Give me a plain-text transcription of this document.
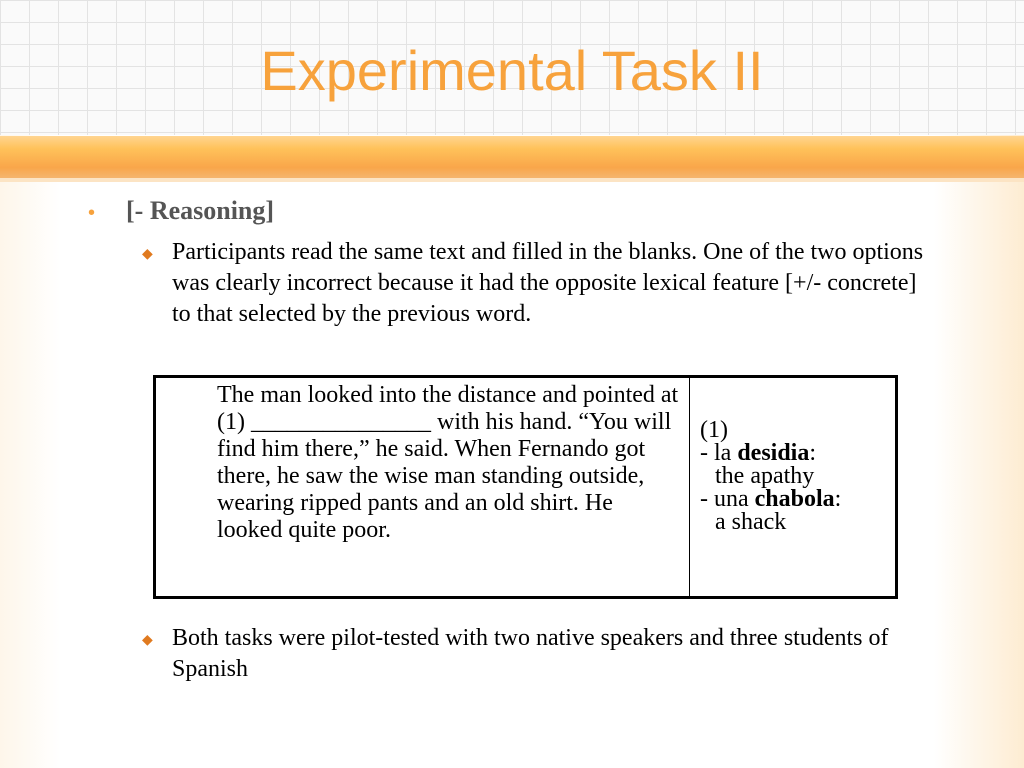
Experimental Task II
•	[- Reasoning]
◆ Participants read the same text and filled in the blanks. One of the two options was clearly incorrect because it had the opposite lexical feature [+/- concrete] to that selected by the previous word.
The man looked into the distance and pointed at (1) _______________ with his hand. “You will find him there,” he said. When Fernando got there, he saw the wise man standing outside, wearing ripped pants and an old shirt. He looked quite poor.
(1)
- la desidia:
the apathy
- una chabola:
a shack
◆ Both tasks were pilot-tested with two native speakers and three students of Spanish
